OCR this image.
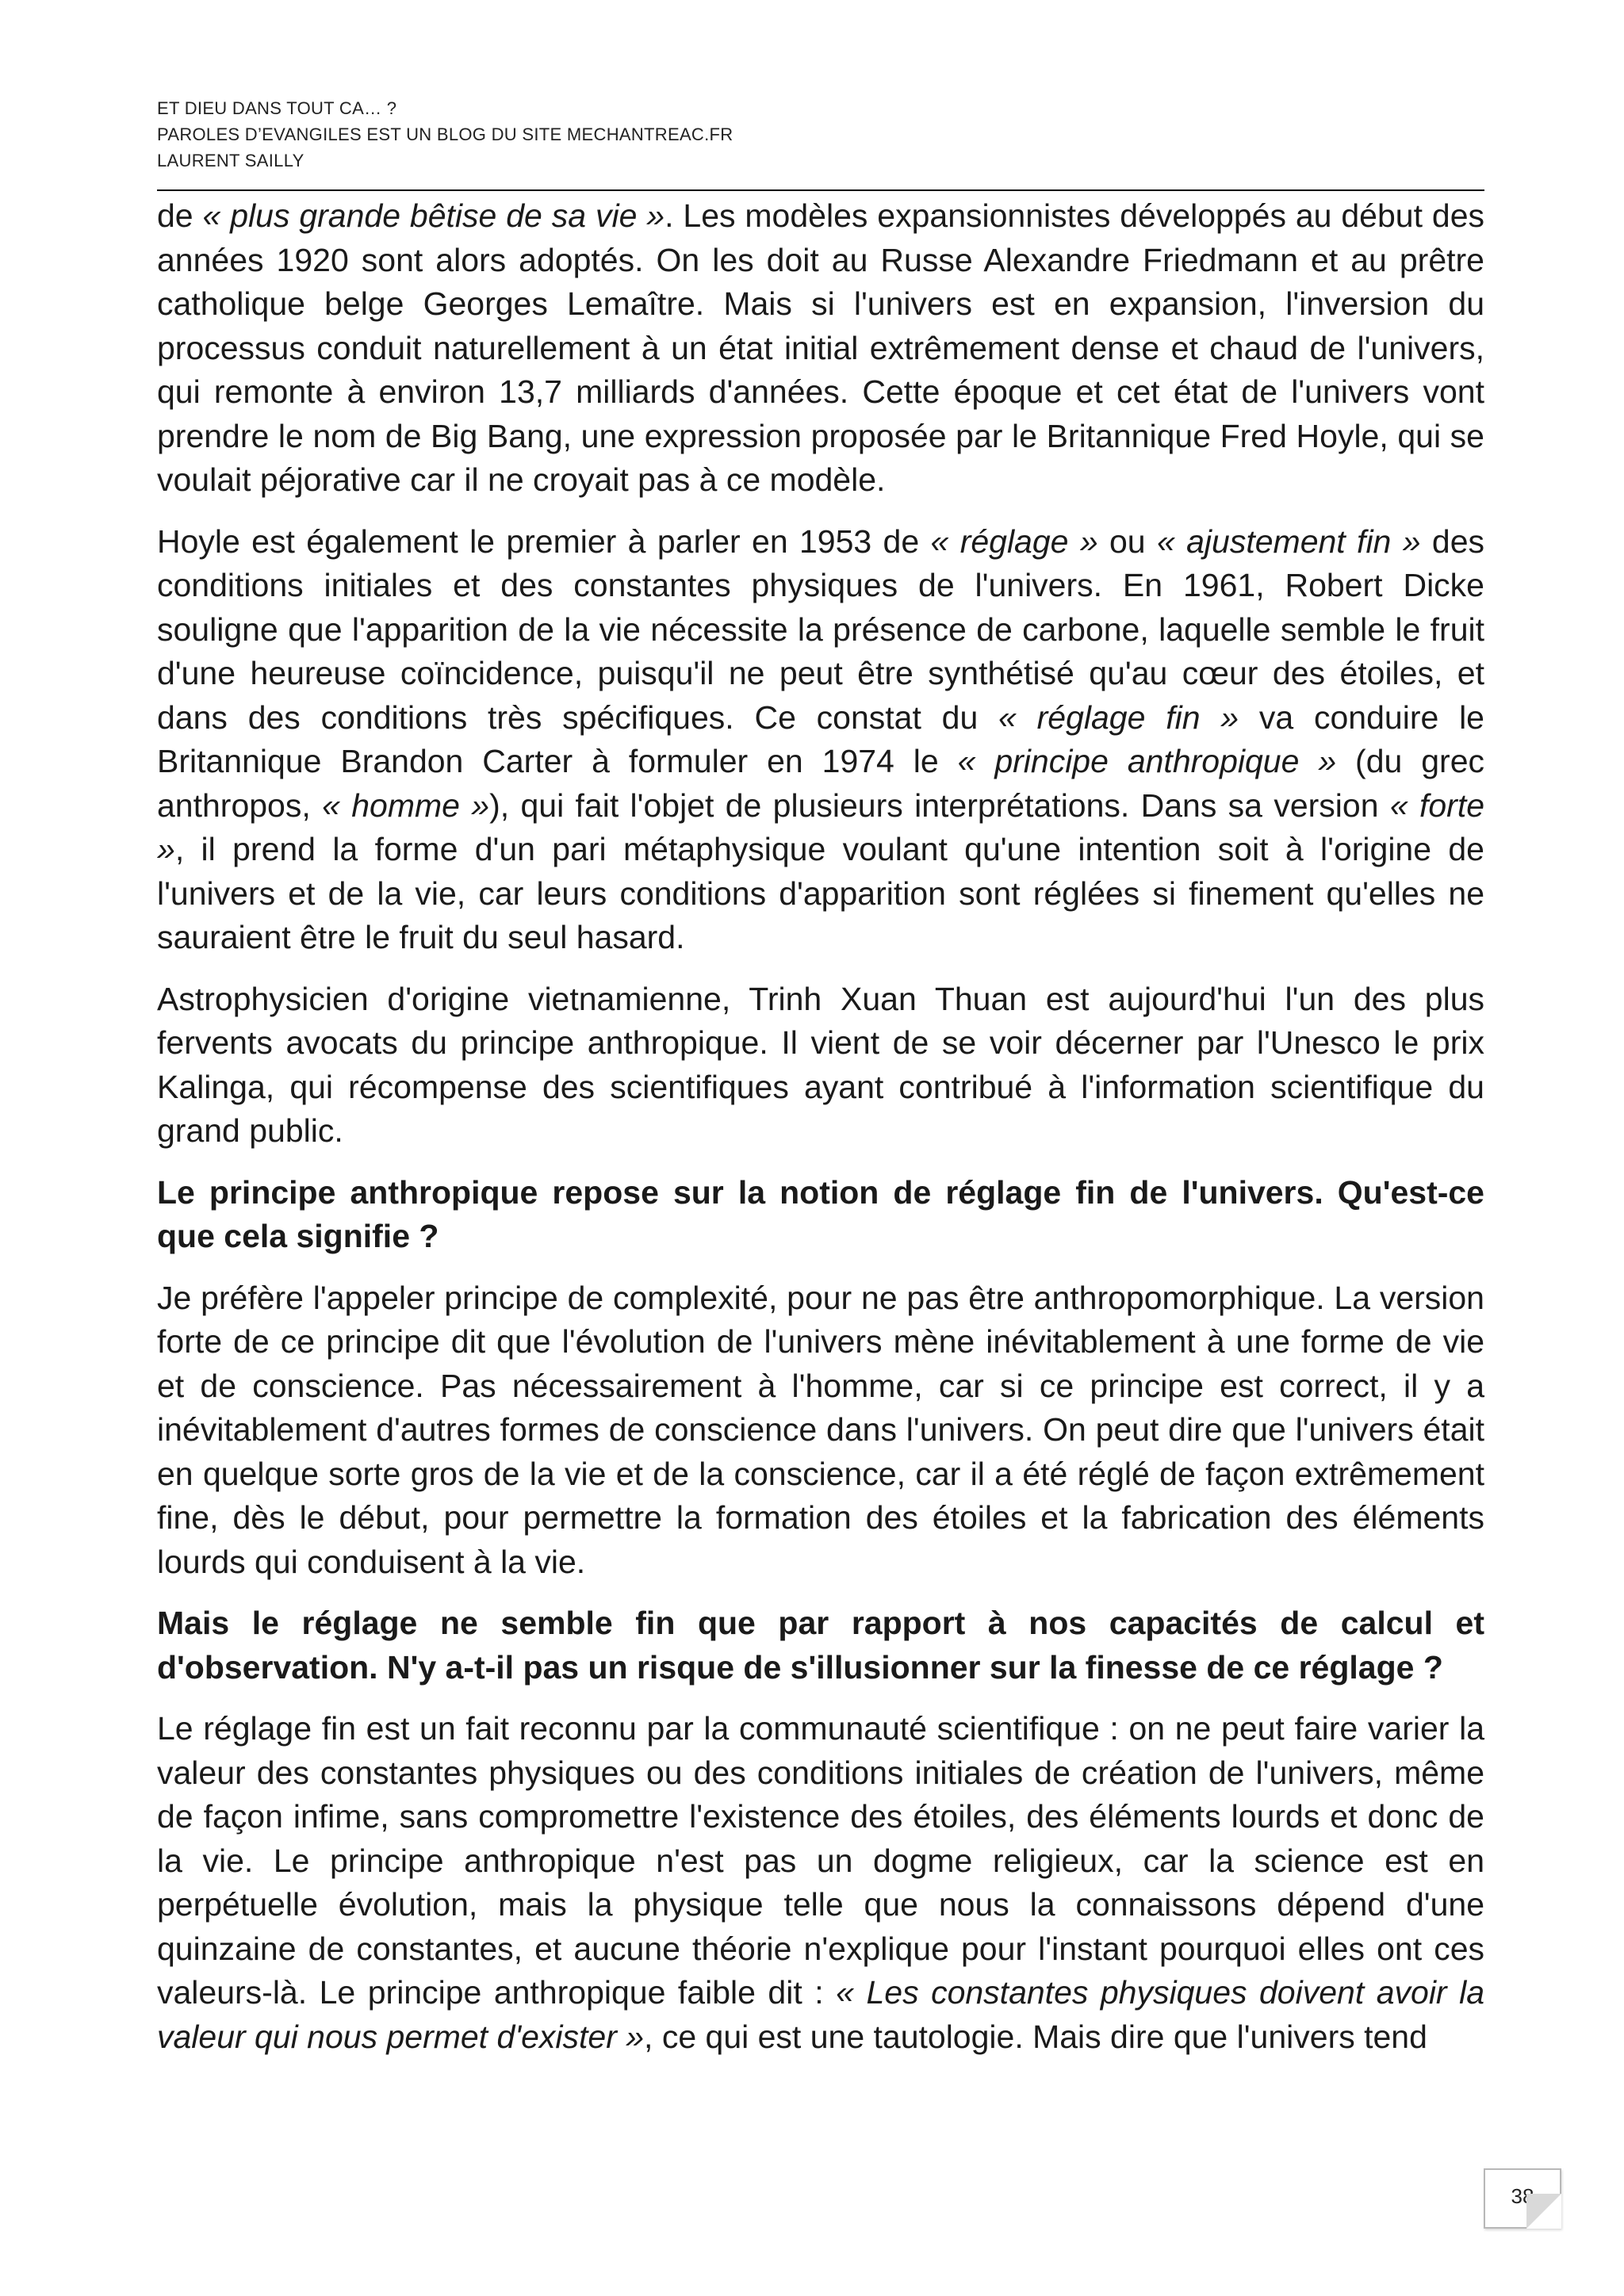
ET DIEU DANS TOUT CA… ?
PAROLES D’EVANGILES EST UN BLOG DU SITE MECHANTREAC.FR
LAURENT SAILLY

de « plus grande bêtise de sa vie ». Les modèles expansionnistes développés au début des années 1920 sont alors adoptés. On les doit au Russe Alexandre Friedmann et au prêtre catholique belge Georges Lemaître. Mais si l'univers est en expansion, l'inversion du processus conduit naturellement à un état initial extrêmement dense et chaud de l'univers, qui remonte à environ 13,7 milliards d'années. Cette époque et cet état de l'univers vont prendre le nom de Big Bang, une expression proposée par le Britannique Fred Hoyle, qui se voulait péjorative car il ne croyait pas à ce modèle.

Hoyle est également le premier à parler en 1953 de « réglage » ou « ajustement fin » des conditions initiales et des constantes physiques de l'univers. En 1961, Robert Dicke souligne que l'apparition de la vie nécessite la présence de carbone, laquelle semble le fruit d'une heureuse coïncidence, puisqu'il ne peut être synthétisé qu'au cœur des étoiles, et dans des conditions très spécifiques. Ce constat du « réglage fin » va conduire le Britannique Brandon Carter à formuler en 1974 le « principe anthropique » (du grec anthropos, « homme »), qui fait l'objet de plusieurs interprétations. Dans sa version « forte », il prend la forme d'un pari métaphysique voulant qu'une intention soit à l'origine de l'univers et de la vie, car leurs conditions d'apparition sont réglées si finement qu'elles ne sauraient être le fruit du seul hasard.

Astrophysicien d'origine vietnamienne, Trinh Xuan Thuan est aujourd'hui l'un des plus fervents avocats du principe anthropique. Il vient de se voir décerner par l'Unesco le prix Kalinga, qui récompense des scientifiques ayant contribué à l'information scientifique du grand public.

Le principe anthropique repose sur la notion de réglage fin de l'univers. Qu'est-ce que cela signifie ?

Je préfère l'appeler principe de complexité, pour ne pas être anthropomorphique. La version forte de ce principe dit que l'évolution de l'univers mène inévitablement à une forme de vie et de conscience. Pas nécessairement à l'homme, car si ce principe est correct, il y a inévitablement d'autres formes de conscience dans l'univers. On peut dire que l'univers était en quelque sorte gros de la vie et de la conscience, car il a été réglé de façon extrêmement fine, dès le début, pour permettre la formation des étoiles et la fabrication des éléments lourds qui conduisent à la vie.

Mais le réglage ne semble fin que par rapport à nos capacités de calcul et d'observation. N'y a-t-il pas un risque de s'illusionner sur la finesse de ce réglage ?

Le réglage fin est un fait reconnu par la communauté scientifique : on ne peut faire varier la valeur des constantes physiques ou des conditions initiales de création de l'univers, même de façon infime, sans compromettre l'existence des étoiles, des éléments lourds et donc de la vie. Le principe anthropique n'est pas un dogme religieux, car la science est en perpétuelle évolution, mais la physique telle que nous la connaissons dépend d'une quinzaine de constantes, et aucune théorie n'explique pour l'instant pourquoi elles ont ces valeurs-là. Le principe anthropique faible dit : « Les constantes physiques doivent avoir la valeur qui nous permet d'exister », ce qui est une tautologie. Mais dire que l'univers tend

38
